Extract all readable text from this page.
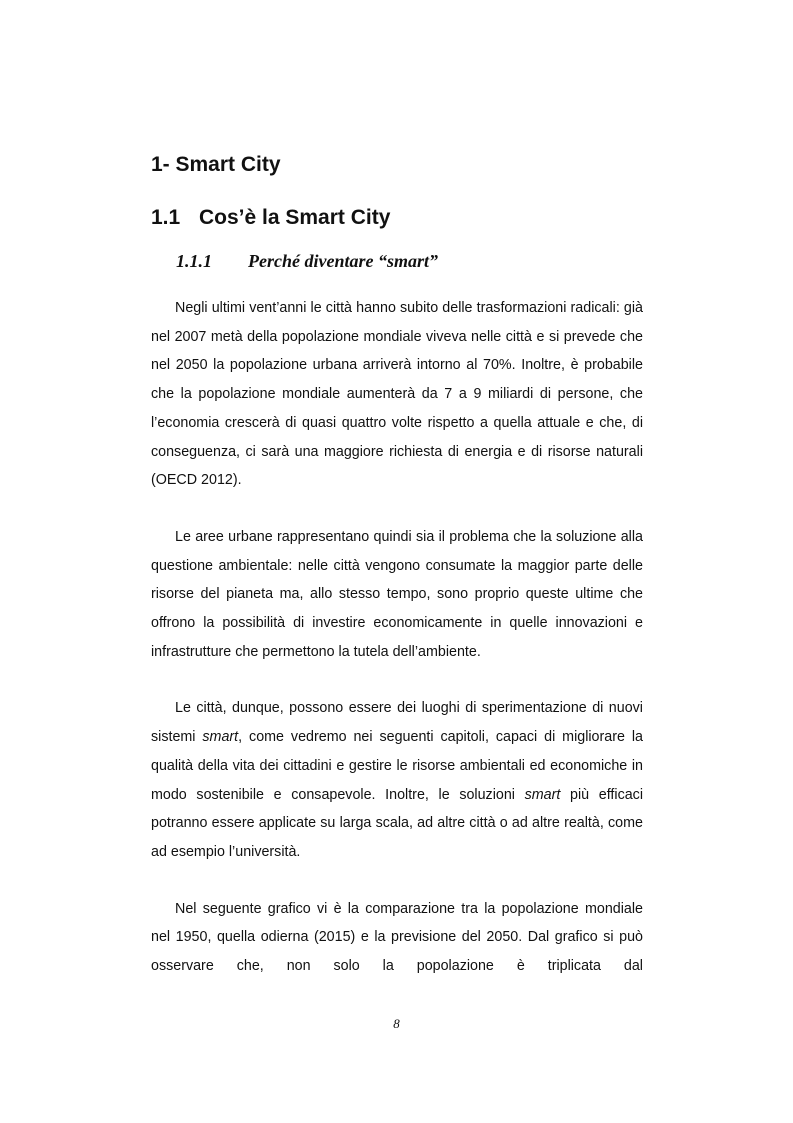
1- Smart City
1.1 Cos’è la Smart City
1.1.1 Perché diventare “smart”

Negli ultimi vent’anni le città hanno subito delle trasformazioni radicali: già nel 2007 metà della popolazione mondiale viveva nelle città e si prevede che nel 2050 la popolazione urbana arriverà intorno al 70%. Inoltre, è probabile che la popolazione mondiale aumenterà da 7 a 9 miliardi di persone, che l’economia crescerà di quasi quattro volte rispetto a quella attuale e che, di conseguenza, ci sarà una maggiore richiesta di energia e di risorse naturali (OECD 2012).

Le aree urbane rappresentano quindi sia il problema che la soluzione alla questione ambientale: nelle città vengono consumate la maggior parte delle risorse del pianeta ma, allo stesso tempo, sono proprio queste ultime che offrono la possibilità di investire economicamente in quelle innovazioni e infrastrutture che permettono la tutela dell’ambiente.

Le città, dunque, possono essere dei luoghi di sperimentazione di nuovi sistemi smart, come vedremo nei seguenti capitoli, capaci di migliorare la qualità della vita dei cittadini e gestire le risorse ambientali ed economiche in modo sostenibile e consapevole. Inoltre, le soluzioni smart più efficaci potranno essere applicate su larga scala, ad altre città o ad altre realtà, come ad esempio l’università.

Nel seguente grafico vi è la comparazione tra la popolazione mondiale nel 1950, quella odierna (2015) e la previsione del 2050. Dal grafico si può osservare che, non solo la popolazione è triplicata dal

8
